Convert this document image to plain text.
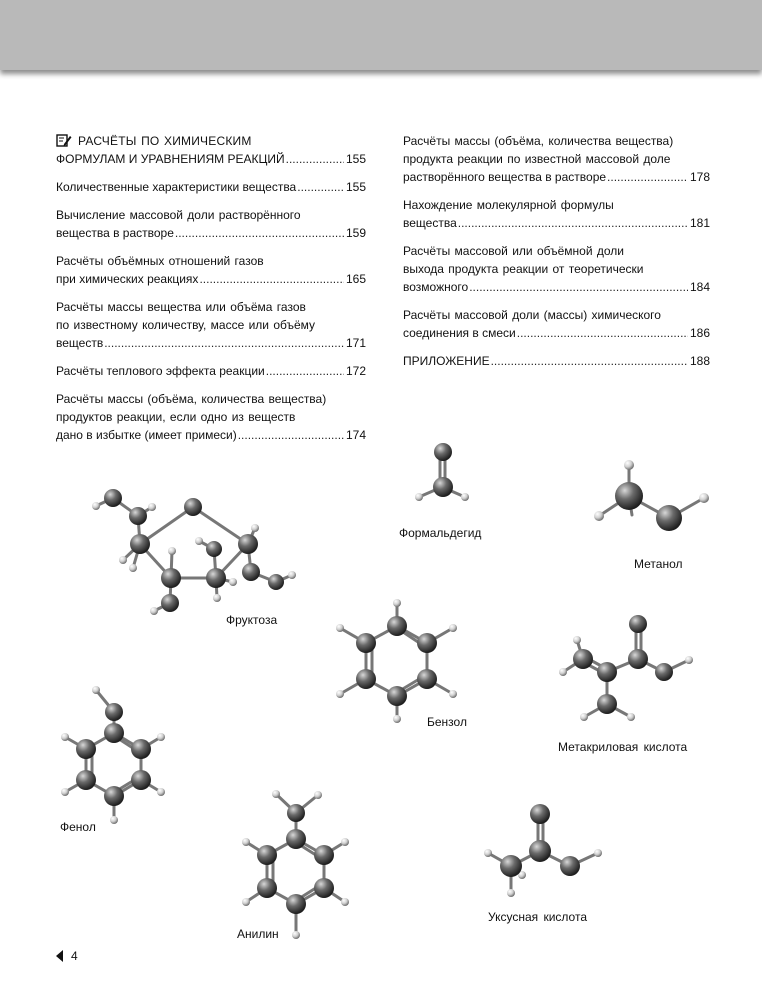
РАСЧЁТЫ ПО ХИМИЧЕСКИМ
ФОРМУЛАМ И УРАВНЕНИЯМ РЕАКЦИЙ .....	155
Количественные характеристики вещества .....	155
Вычисление массовой доли растворённого
вещества в растворе .....	159
Расчёты объёмных отношений газов
при химических реакциях .....	165
Расчёты массы вещества или объёма газов
по известному количеству, массе или объёму
веществ .....	171
Расчёты теплового эффекта реакции .....	172
Расчёты массы (объёма, количества вещества)
продуктов реакции, если одно из веществ
дано в избытке (имеет примеси) .....	174
Расчёты массы (объёма, количества вещества)
продукта реакции по известной массовой доле
растворённого вещества в растворе .....	178
Нахождение молекулярной формулы
вещества .....	181
Расчёты массовой или объёмной доли
выхода продукта реакции от теоретически
возможного .....	184
Расчёты массовой доли (массы) химического
соединения в смеси .....	186
ПРИЛОЖЕНИЕ .....	188
Фруктоза
Формальдегид
Метанол
Бензол
Метакриловая кислота
Фенол
Анилин
Уксусная кислота
4
